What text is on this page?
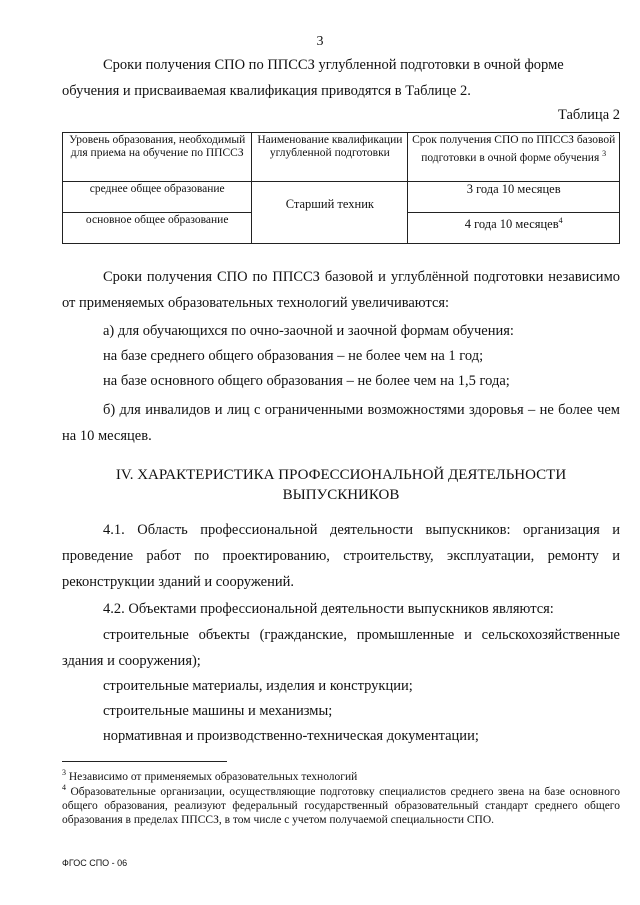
3

Сроки получения СПО по ППССЗ углубленной подготовки в очной форме
обучения и присваиваемая квалификация приводятся в Таблице 2.

Таблица 2
Уровень образования, необходимый для приема на обучение по ППССЗ	Наименование квалификации углубленной подготовки	Срок получения СПО по ППССЗ базовой подготовки в очной форме обучения $^3$
среднее общее образование	Старший техник	3 года 10 месяцев
основное общее образование		4 года 10 месяцев$^4$

Сроки получения СПО по ППССЗ базовой и углублённой подготовки независимо от применяемых образовательных технологий увеличиваются:

а) для обучающихся по очно-заочной и заочной формам обучения:

на базе среднего общего образования – не более чем на 1 год;

на базе основного общего образования – не более чем на 1,5 года;

б) для инвалидов и лиц с ограниченными возможностями здоровья – не более чем на 10 месяцев.

IV. ХАРАКТЕРИСТИКА ПРОФЕССИОНАЛЬНОЙ ДЕЯТЕЛЬНОСТИ
ВЫПУСКНИКОВ

4.1. Область профессиональной деятельности выпускников: организация и проведение работ по проектированию, строительству, эксплуатации, ремонту и реконструкции зданий и сооружений.

4.2. Объектами профессиональной деятельности выпускников являются:

строительные объекты (гражданские, промышленные и сельскохозяйственные здания и сооружения);

строительные материалы, изделия и конструкции;

строительные машины и механизмы;

нормативная и производственно-техническая документации;

$^3$ Независимо от применяемых образовательных технологий

$^4$ Образовательные организации, осуществляющие подготовку специалистов среднего звена на базе основного общего образования, реализуют федеральный государственный образовательный стандарт среднего общего образования в пределах ППССЗ, в том числе с учетом получаемой специальности СПО.

ФГОС СПО - 06
